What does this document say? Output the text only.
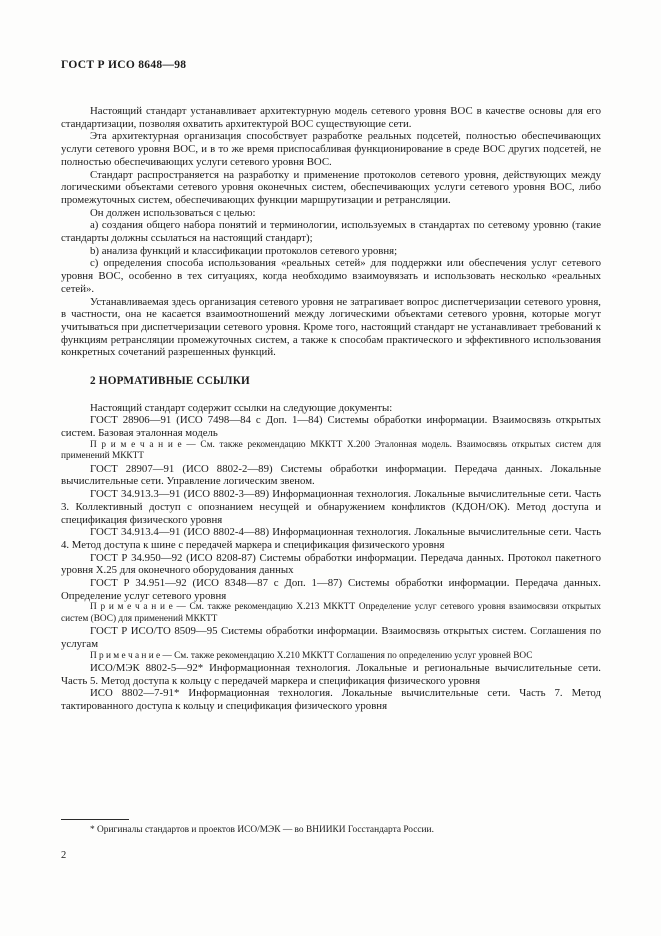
ГОСТ Р ИСО 8648—98

Настоящий стандарт устанавливает архитектурную модель сетевого уровня ВОС в качестве основы для его стандартизации, позволяя охватить архитектурой ВОС существующие сети.

Эта архитектурная организация способствует разработке реальных подсетей, полностью обеспечивающих услуги сетевого уровня ВОС, и в то же время приспосабливая функционирование в среде ВОС других подсетей, не полностью обеспечивающих услуги сетевого уровня ВОС.

Стандарт распространяется на разработку и применение протоколов сетевого уровня, действующих между логическими объектами сетевого уровня оконечных систем, обеспечивающих услуги сетевого уровня ВОС, либо промежуточных систем, обеспечивающих функции маршрутизации и ретрансляции.

Он должен использоваться с целью:

а) создания общего набора понятий и терминологии, используемых в стандартах по сетевому уровню (такие стандарты должны ссылаться на настоящий стандарт);

b) анализа функций и классификации протоколов сетевого уровня;

с) определения способа использования «реальных сетей» для поддержки или обеспечения услуг сетевого уровня ВОС, особенно в тех ситуациях, когда необходимо взаимоувязать и использовать несколько «реальных сетей».

Устанавливаемая здесь организация сетевого уровня не затрагивает вопрос диспетчеризации сетевого уровня, в частности, она не касается взаимоотношений между логическими объектами сетевого уровня, которые могут учитываться при диспетчеризации сетевого уровня. Кроме того, настоящий стандарт не устанавливает требований к функциям ретрансляции промежуточных систем, а также к способам практического и эффективного использования конкретных сочетаний разрешенных функций.

2 НОРМАТИВНЫЕ ССЫЛКИ

Настоящий стандарт содержит ссылки на следующие документы:

ГОСТ 28906—91 (ИСО 7498—84 с Доп. 1—84) Системы обработки информации. Взаимосвязь открытых систем. Базовая эталонная модель

П р и м е ч а н и е — См. также рекомендацию МККТТ Х.200 Эталонная модель. Взаимосвязь открытых систем для применений МККТТ

ГОСТ 28907—91 (ИСО 8802-2—89) Системы обработки информации. Передача данных. Локальные вычислительные сети. Управление логическим звеном.

ГОСТ 34.913.3—91 (ИСО 8802-3—89) Информационная технология. Локальные вычислительные сети. Часть 3. Коллективный доступ с опознанием несущей и обнаружением конфликтов (КДОН/ОК). Метод доступа и спецификация физического уровня

ГОСТ 34.913.4—91 (ИСО 8802-4—88) Информационная технология. Локальные вычислительные сети. Часть 4. Метод доступа к шине с передачей маркера и спецификация физического уровня

ГОСТ Р 34.950—92 (ИСО 8208-87) Системы обработки информации. Передача данных. Протокол пакетного уровня Х.25 для оконечного оборудования данных

ГОСТ Р 34.951—92 (ИСО 8348—87 с Доп. 1—87) Системы обработки информации. Передача данных. Определение услуг сетевого уровня

П р и м е ч а н и е — См. также рекомендацию Х.213 МККТТ Определение услуг сетевого уровня взаимосвязи открытых систем (ВОС) для применений МККТТ

ГОСТ Р ИСО/ТО 8509—95 Системы обработки информации. Взаимосвязь открытых систем. Соглашения по услугам

П р и м е ч а н и е — См. также рекомендацию Х.210 МККТТ Соглашения по определению услуг уровней ВОС

ИСО/МЭК 8802-5—92* Информационная технология. Локальные и региональные вычислительные сети. Часть 5. Метод доступа к кольцу с передачей маркера и спецификация физического уровня

ИСО 8802—7-91* Информационная технология. Локальные вычислительные сети. Часть 7. Метод тактированного доступа к кольцу и спецификация физического уровня

* Оригиналы стандартов и проектов ИСО/МЭК — во ВНИИКИ Госстандарта России.

2
